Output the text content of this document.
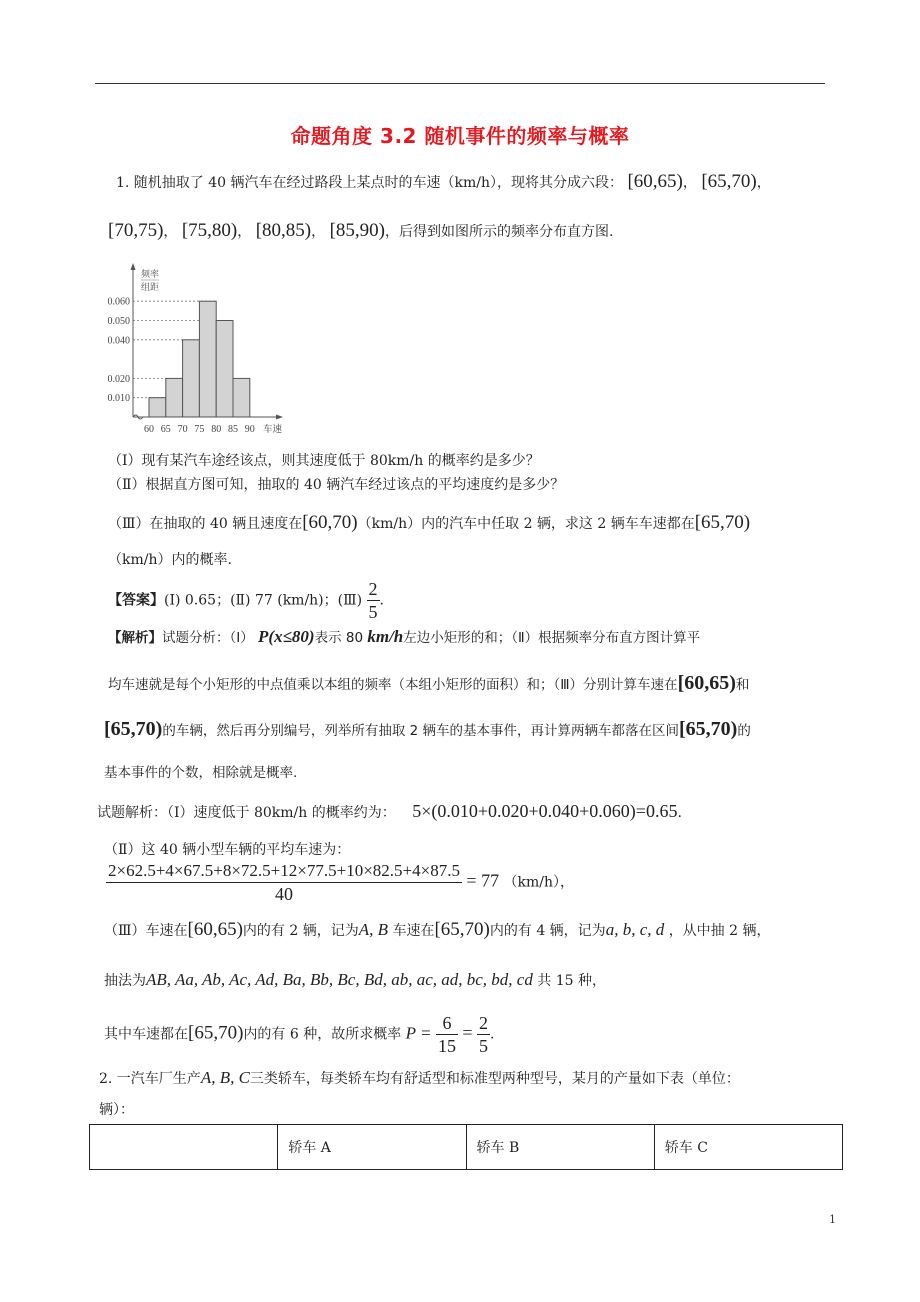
命题角度 3.2 随机事件的频率与概率
1. 随机抽取了 40 辆汽车在经过路段上某点时的车速（km/h），现将其分成六段： [60,65)， [65,70)，
[70,75)， [75,80)， [80,85)， [85,90)，后得到如图所示的频率分布直方图.
频率
组距
0.010
0.020
0.040
0.050
0.060
60 65 70 75 80 85 90 车速
（Ⅰ）现有某汽车途经该点，则其速度低于 80km/h 的概率约是多少？
（Ⅱ）根据直方图可知，抽取的 40 辆汽车经过该点的平均速度约是多少？
（Ⅲ）在抽取的 40 辆且速度在[60,70)（km/h）内的汽车中任取 2 辆，求这 2 辆车车速都在[65,70)
（km/h）内的概率.
【答案】(Ⅰ) 0.65；(Ⅱ) 77 (km/h)；(Ⅲ) $\frac{2}{5}$ .
【解析】试题分析：（Ⅰ） P(x≤80)表示 80 km/h左边小矩形的和；（Ⅱ）根据频率分布直方图计算平
均车速就是每个小矩形的中点值乘以本组的频率（本组小矩形的面积）和；（Ⅲ）分别计算车速在[60,65)和
[65,70)的车辆，然后再分别编号，列举所有抽取 2 辆车的基本事件，再计算两辆车都落在区间[65,70)的
基本事件的个数，相除就是概率.
试题解析：（Ⅰ）速度低于 80km/h 的概率约为： 5×(0.010+0.020+0.040+0.060)=0.65.
（Ⅱ）这 40 辆小型车辆的平均车速为：
$\frac{2\times 62.5+4\times 67.5+8\times 72.5+12\times 77.5+10\times 82.5+4\times 87.5}{40} = 77$ （km/h），
（Ⅲ）车速在[60,65)内的有 2 辆，记为A, B 车速在[65,70)内的有 4 辆，记为a, b, c, d ，从中抽 2 辆，
抽法为AB, Aa, Ab, Ac, Ad, Ba, Bb, Bc, Bd, ab, ac, ad, bc, bd, cd 共 15 种，
其中车速都在[65,70)内的有 6 种，故所求概率 $P = \frac{6}{15} = \frac{2}{5}$ .
2. 一汽车厂生产A, B, C三类轿车，每类轿车均有舒适型和标准型两种型号，某月的产量如下表（单位：
辆）：
	轿车 A	轿车 B	轿车 C
1
